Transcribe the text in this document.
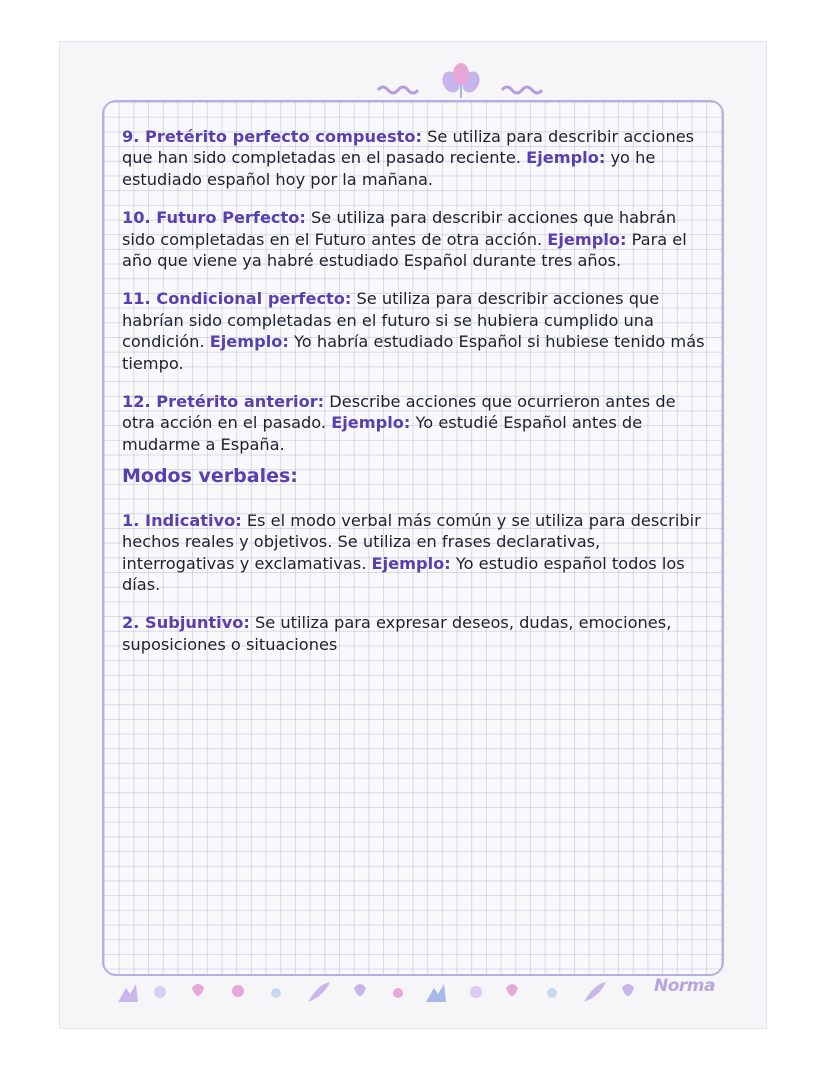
9. Pretérito perfecto compuesto: Se utiliza para describir acciones que han sido completadas en el pasado reciente. Ejemplo: yo he estudiado español hoy por la mañana.

10. Futuro Perfecto: Se utiliza para describir acciones que habrán sido completadas en el Futuro antes de otra acción. Ejemplo: Para el año que viene ya habré estudiado Español durante tres años.

11. Condicional perfecto: Se utiliza para describir acciones que habrían sido completadas en el futuro si se hubiera cumplido una condición. Ejemplo: Yo habría estudiado Español si hubiese tenido más tiempo.

12. Pretérito anterior: Describe acciones que ocurrieron antes de otra acción en el pasado. Ejemplo: Yo estudié Español antes de mudarme a España.

Modos verbales:

1. Indicativo: Es el modo verbal más común y se utiliza para describir hechos reales y objetivos. Se utiliza en frases declarativas, interrogativas y exclamativas. Ejemplo: Yo estudio español todos los días.

2. Subjuntivo: Se utiliza para expresar deseos, dudas, emociones, suposiciones o situaciones

Norma
